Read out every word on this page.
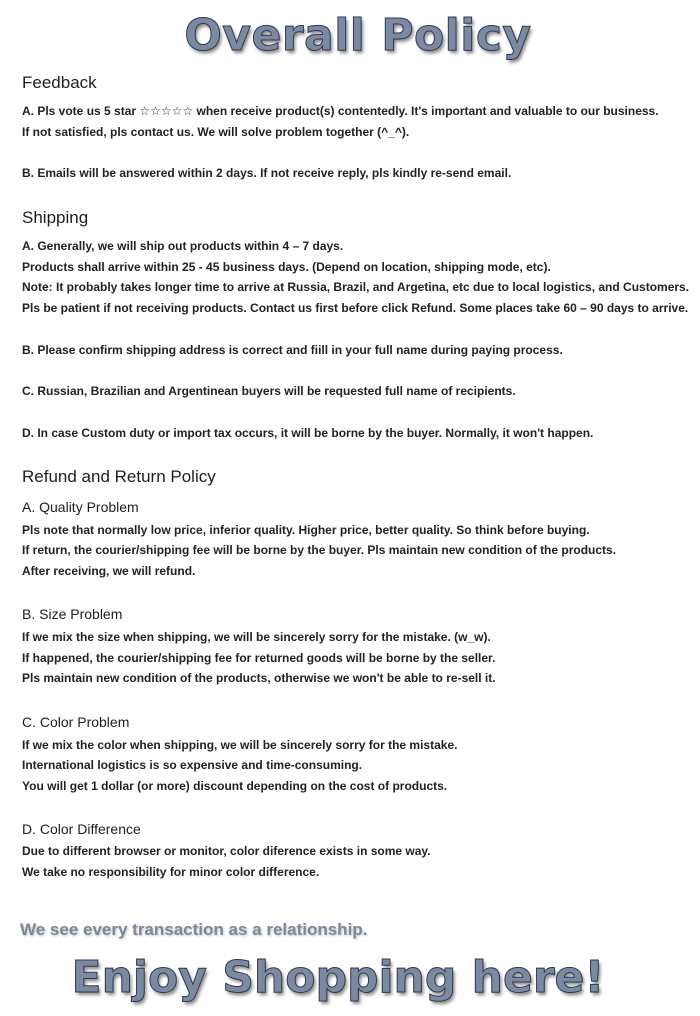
Overall Policy
Feedback
A. Pls vote us 5 star ☆☆☆☆☆ when receive product(s) contentedly. It's important and valuable to our business.
If not satisfied, pls contact us. We will solve problem together (^_^).
B. Emails will be answered within 2 days. If not receive reply, pls kindly re-send email.
Shipping
A. Generally, we will ship out products within 4 – 7 days.
Products shall arrive within 25 - 45 business days. (Depend on location, shipping mode, etc).
Note: It probably takes longer time to arrive at Russia, Brazil, and Argetina, etc due to local logistics, and Customers.
Pls be patient if not receiving products. Contact us first before click Refund. Some places take 60 – 90 days to arrive.
B. Please confirm shipping address is correct and fiill in your full name during paying process.
C. Russian, Brazilian and Argentinean buyers will be requested full name of recipients.
D. In case Custom duty or import tax occurs, it will be borne by the buyer. Normally, it won't happen.
Refund and Return Policy
A. Quality Problem
Pls note that normally low price, inferior quality. Higher price, better quality. So think before buying.
If return, the courier/shipping fee will be borne by the buyer. Pls maintain new condition of the products.
After receiving, we will refund.
B. Size Problem
If we mix the size when shipping, we will be sincerely sorry for the mistake. (w_w).
If happened, the courier/shipping fee for returned goods will be borne by the seller.
Pls maintain new condition of the products, otherwise we won't be able to re-sell it.
C. Color Problem
If we mix the color when shipping, we will be sincerely sorry for the mistake.
International logistics is so expensive and time-consuming.
You will get 1 dollar (or more) discount depending on the cost of products.
D. Color Difference
Due to different browser or monitor, color diference exists in some way.
We take no responsibility for minor color difference.
We see every transaction as a relationship.
Enjoy Shopping here!
